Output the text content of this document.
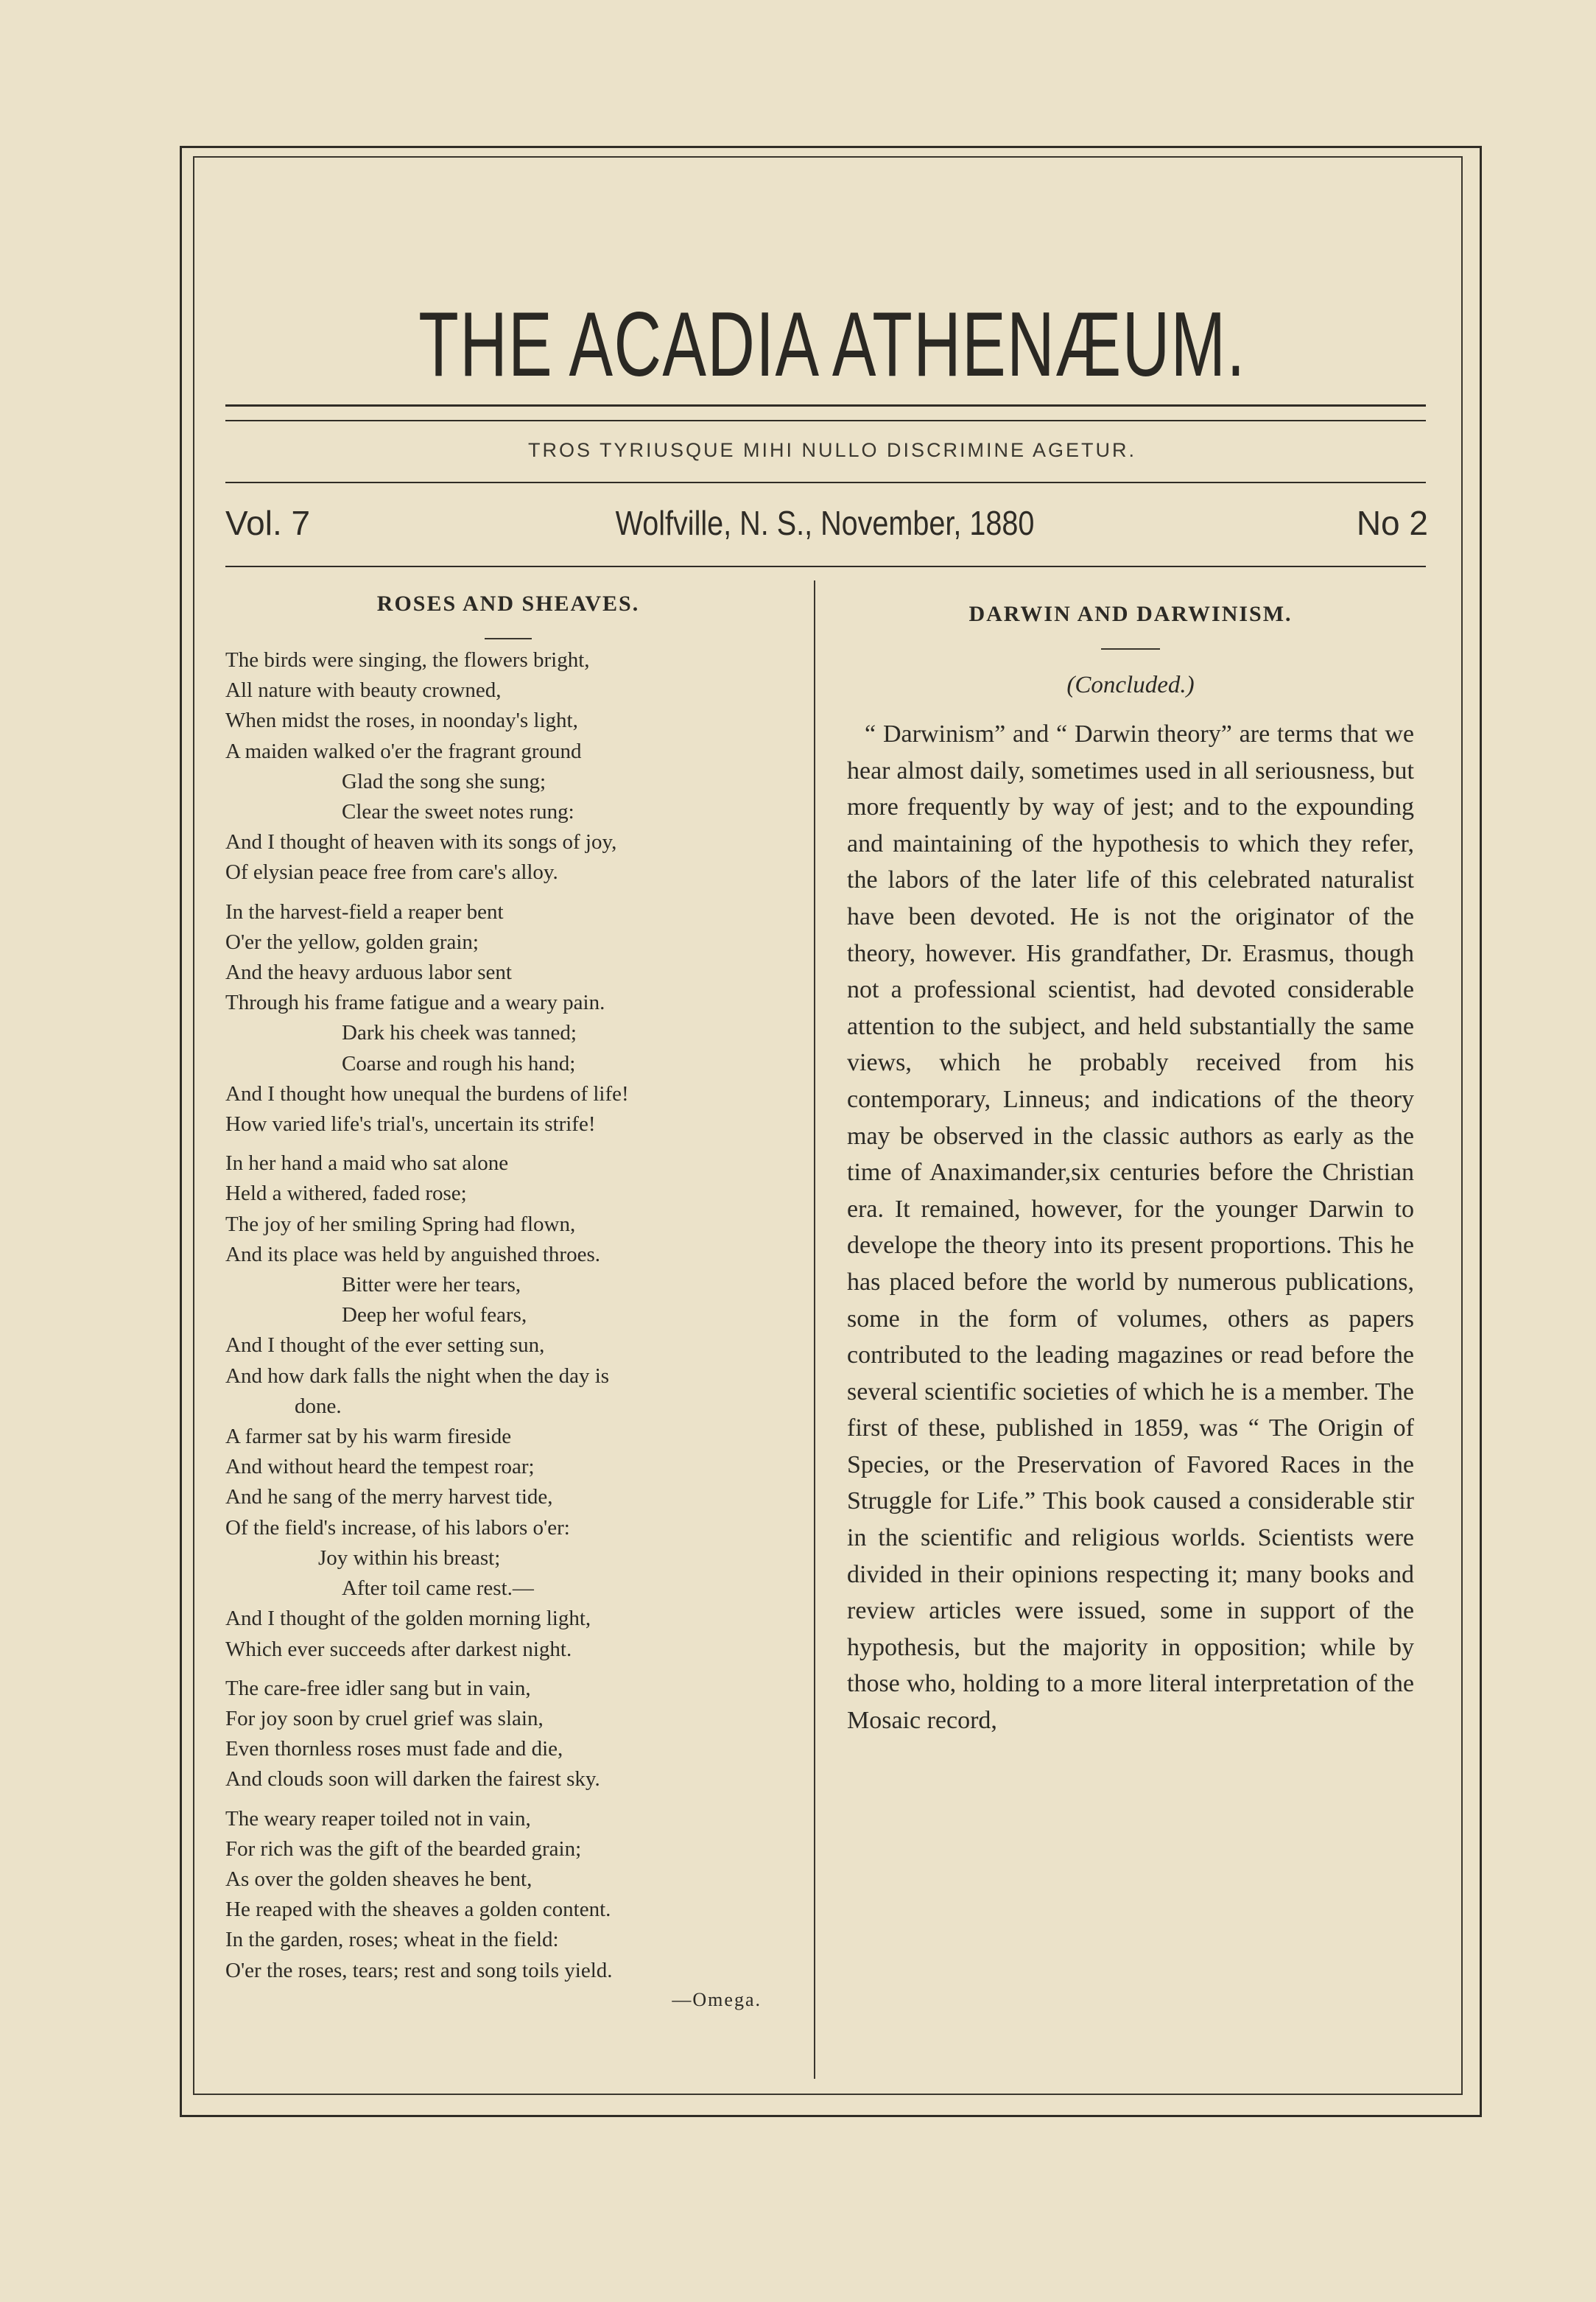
THE ACADIA ATHENÆUM.
TROS TYRIUSQUE MIHI NULLO DISCRIMINE AGETUR.
Vol. 7	Wolfville, N. S., November, 1880	No 2
ROSES AND SHEAVES.
The birds were singing, the flowers bright,
All nature with beauty crowned,
When midst the roses, in noonday's light,
A maiden walked o'er the fragrant ground
Glad the song she sung;
Clear the sweet notes rung:
And I thought of heaven with its songs of joy,
Of elysian peace free from care's alloy.
In the harvest-field a reaper bent
O'er the yellow, golden grain;
And the heavy arduous labor sent
Through his frame fatigue and a weary pain.
Dark his cheek was tanned;
Coarse and rough his hand;
And I thought how unequal the burdens of life!
How varied life's trial's, uncertain its strife!
In her hand a maid who sat alone
Held a withered, faded rose;
The joy of her smiling Spring had flown,
And its place was held by anguished throes.
Bitter were her tears,
Deep her woful fears,
And I thought of the ever setting sun,
And how dark falls the night when the day is
done.
A farmer sat by his warm fireside
And without heard the tempest roar;
And he sang of the merry harvest tide,
Of the field's increase, of his labors o'er:
Joy within his breast;
After toil came rest.—
And I thought of the golden morning light,
Which ever succeeds after darkest night.
The care-free idler sang but in vain,
For joy soon by cruel grief was slain,
Even thornless roses must fade and die,
And clouds soon will darken the fairest sky.
The weary reaper toiled not in vain,
For rich was the gift of the bearded grain;
As over the golden sheaves he bent,
He reaped with the sheaves a golden content.
In the garden, roses; wheat in the field:
O'er the roses, tears; rest and song toils yield.
—Omega.
DARWIN AND DARWINISM.
(Concluded.)

“ Darwinism” and “ Darwin theory” are terms that we hear almost daily, sometimes used in all seriousness, but more frequently by way of jest; and to the expounding and maintaining of the hypothesis to which they refer, the labors of the later life of this celebrated naturalist have been devoted. He is not the originator of the theory, however. His grandfather, Dr. Erasmus, though not a professional scientist, had devoted considerable attention to the subject, and held substantially the same views, which he probably received from his contemporary, Linneus; and indications of the theory may be observed in the classic authors as early as the time of Anaximander,six centuries before the Christian era. It remained, however, for the younger Darwin to develope the theory into its present proportions. This he has placed before the world by numerous publications, some in the form of volumes, others as papers contributed to the leading magazines or read before the several scientific societies of which he is a member. The first of these, published in 1859, was “ The Origin of Species, or the Preservation of Favored Races in the Struggle for Life.” This book caused a considerable stir in the scientific and religious worlds. Scientists were divided in their opinions respecting it; many books and review articles were issued, some in support of the hypothesis, but the majority in opposition; while by those who, holding to a more literal interpretation of the Mosaic record,
